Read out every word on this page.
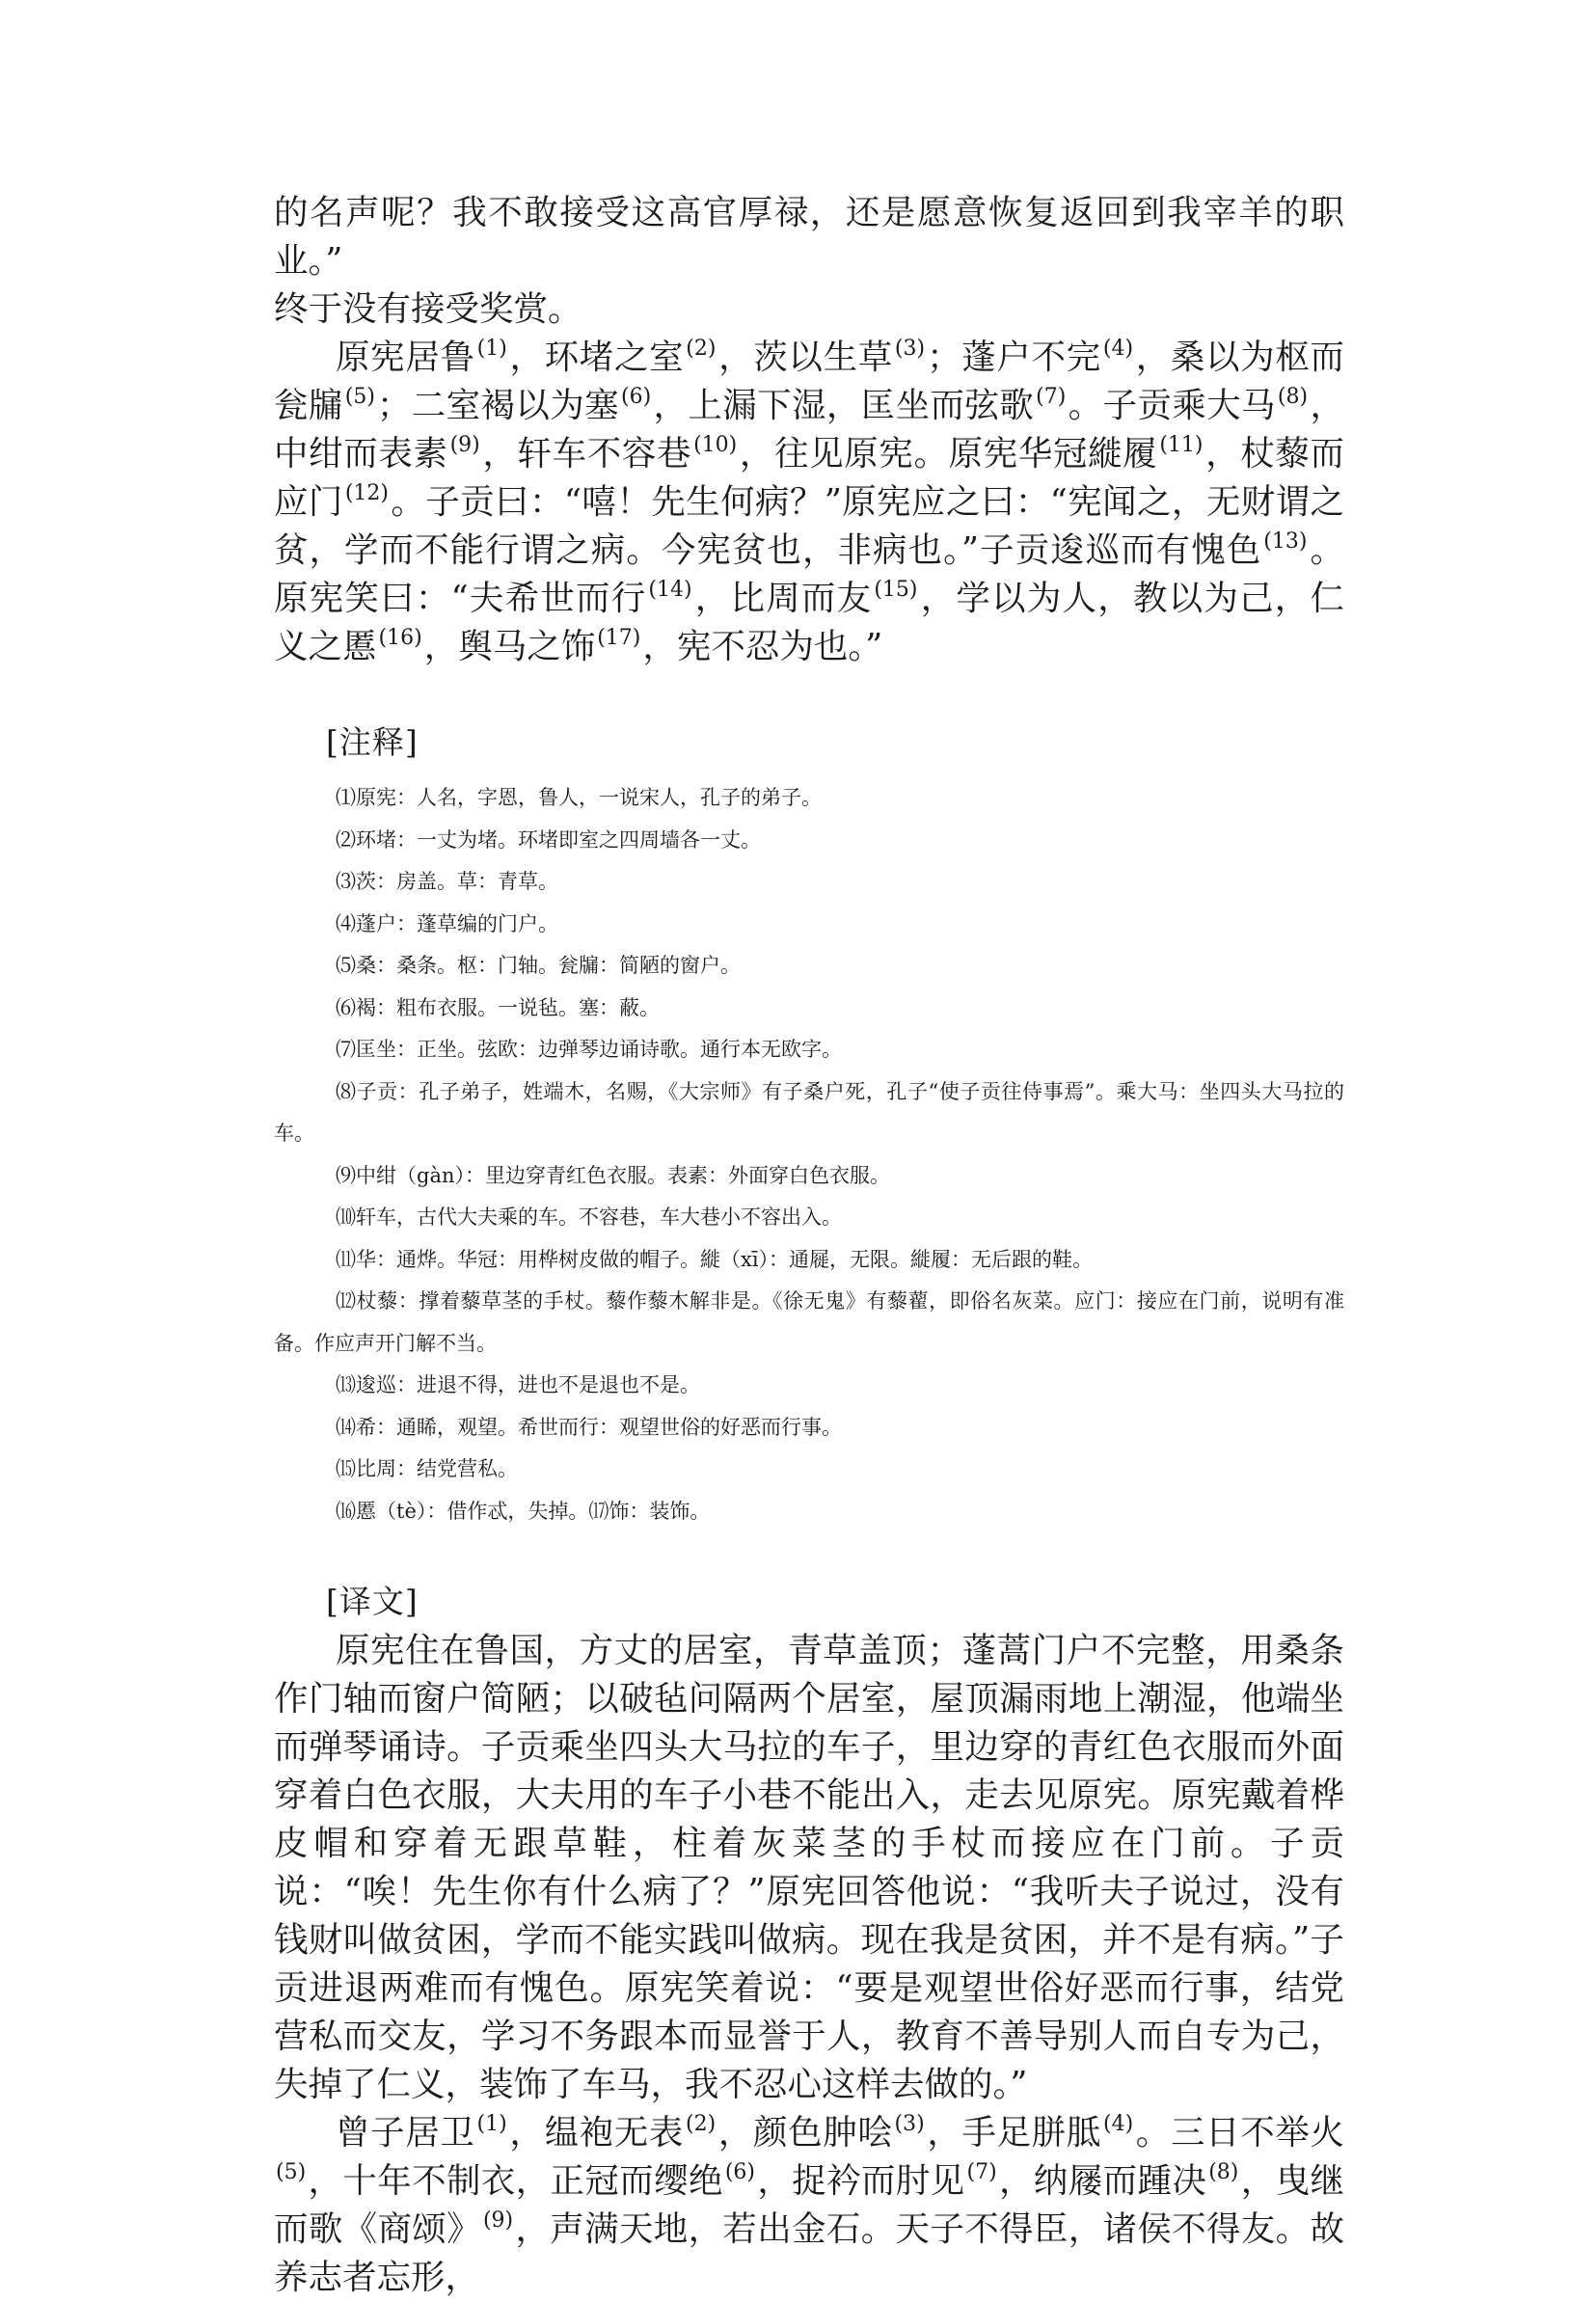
的名声呢？我不敢接受这高官厚禄，还是愿意恢复返回到我宰羊的职业。”
终于没有接受奖赏。

原宪居鲁$^{(1)}$，环堵之室$^{(2)}$，茨以生草$^{(3)}$；蓬户不完$^{(4)}$，桑以为枢而瓮牖$^{(5)}$；二室褐以为塞$^{(6)}$，上漏下湿，匡坐而弦歌$^{(7)}$。子贡乘大马$^{(8)}$，中绀而表素$^{(9)}$，轩车不容巷$^{(10)}$，往见原宪。原宪华冠縰履$^{(11)}$，杖藜而应门$^{(12)}$。子贡曰：“嘻！先生何病？”原宪应之曰：“宪闻之，无财谓之贫，学而不能行谓之病。今宪贫也，非病也。”子贡逡巡而有愧色$^{(13)}$。原宪笑曰：“夫希世而行$^{(14)}$，比周而友$^{(15)}$，学以为人，教以为己，仁义之慝$^{(16)}$，舆马之饰$^{(17)}$，宪不忍为也。”

[注释]

⑴原宪：人名，字恩，鲁人，一说宋人，孔子的弟子。

⑵环堵：一丈为堵。环堵即室之四周墙各一丈。

⑶茨：房盖。草：青草。

⑷蓬户：蓬草编的门户。

⑸桑：桑条。枢：门轴。瓮牖：简陋的窗户。

⑹褐：粗布衣服。一说毡。塞：蔽。

⑺匡坐：正坐。弦欧：边弹琴边诵诗歌。通行本无欧字。

⑻子贡：孔子弟子，姓端木，名赐，《大宗师》有子桑户死，孔子“使子贡往侍事焉”。乘大马：坐四头大马拉的车。

⑼中绀（gàn）：里边穿青红色衣服。表素：外面穿白色衣服。

⑽轩车，古代大夫乘的车。不容巷，车大巷小不容出入。

⑾华：通烨。华冠：用桦树皮做的帽子。縰（xī）：通屣，无限。縰履：无后跟的鞋。

⑿杖藜：撑着藜草茎的手杖。藜作藜木解非是。《徐无鬼》有藜藋，即俗名灰菜。应门：接应在门前，说明有准备。作应声开门解不当。

⒀逡巡：进退不得，进也不是退也不是。

⒁希：通睎，观望。希世而行：观望世俗的好恶而行事。

⒂比周：结党营私。

⒃慝（tè）：借作忒，失掉。⒄饰：装饰。

[译文]

原宪住在鲁国，方丈的居室，青草盖顶；蓬蒿门户不完整，用桑条作门轴而窗户简陋；以破毡问隔两个居室，屋顶漏雨地上潮湿，他端坐而弹琴诵诗。子贡乘坐四头大马拉的车子，里边穿的青红色衣服而外面穿着白色衣服，大夫用的车子小巷不能出入，走去见原宪。原宪戴着桦皮帽和穿着无跟草鞋，柱着灰菜茎的手杖而接应在门前。子贡说：“唉！先生你有什么病了？”原宪回答他说：“我听夫子说过，没有钱财叫做贫困，学而不能实践叫做病。现在我是贫困，并不是有病。”子贡进退两难而有愧色。原宪笑着说：“要是观望世俗好恶而行事，结党营私而交友，学习不务跟本而显誉于人，教育不善导别人而自专为己，失掉了仁义，装饰了车马，我不忍心这样去做的。”

曾子居卫$^{(1)}$，缊袍无表$^{(2)}$，颜色肿哙$^{(3)}$，手足胼胝$^{(4)}$。三日不举火$^{(5)}$，十年不制衣，正冠而缨绝$^{(6)}$，捉衿而肘见$^{(7)}$，纳屦而踵决$^{(8)}$，曳继而歌《商颂》$^{(9)}$，声满天地，若出金石。天子不得臣，诸侯不得友。故养志者忘形，
